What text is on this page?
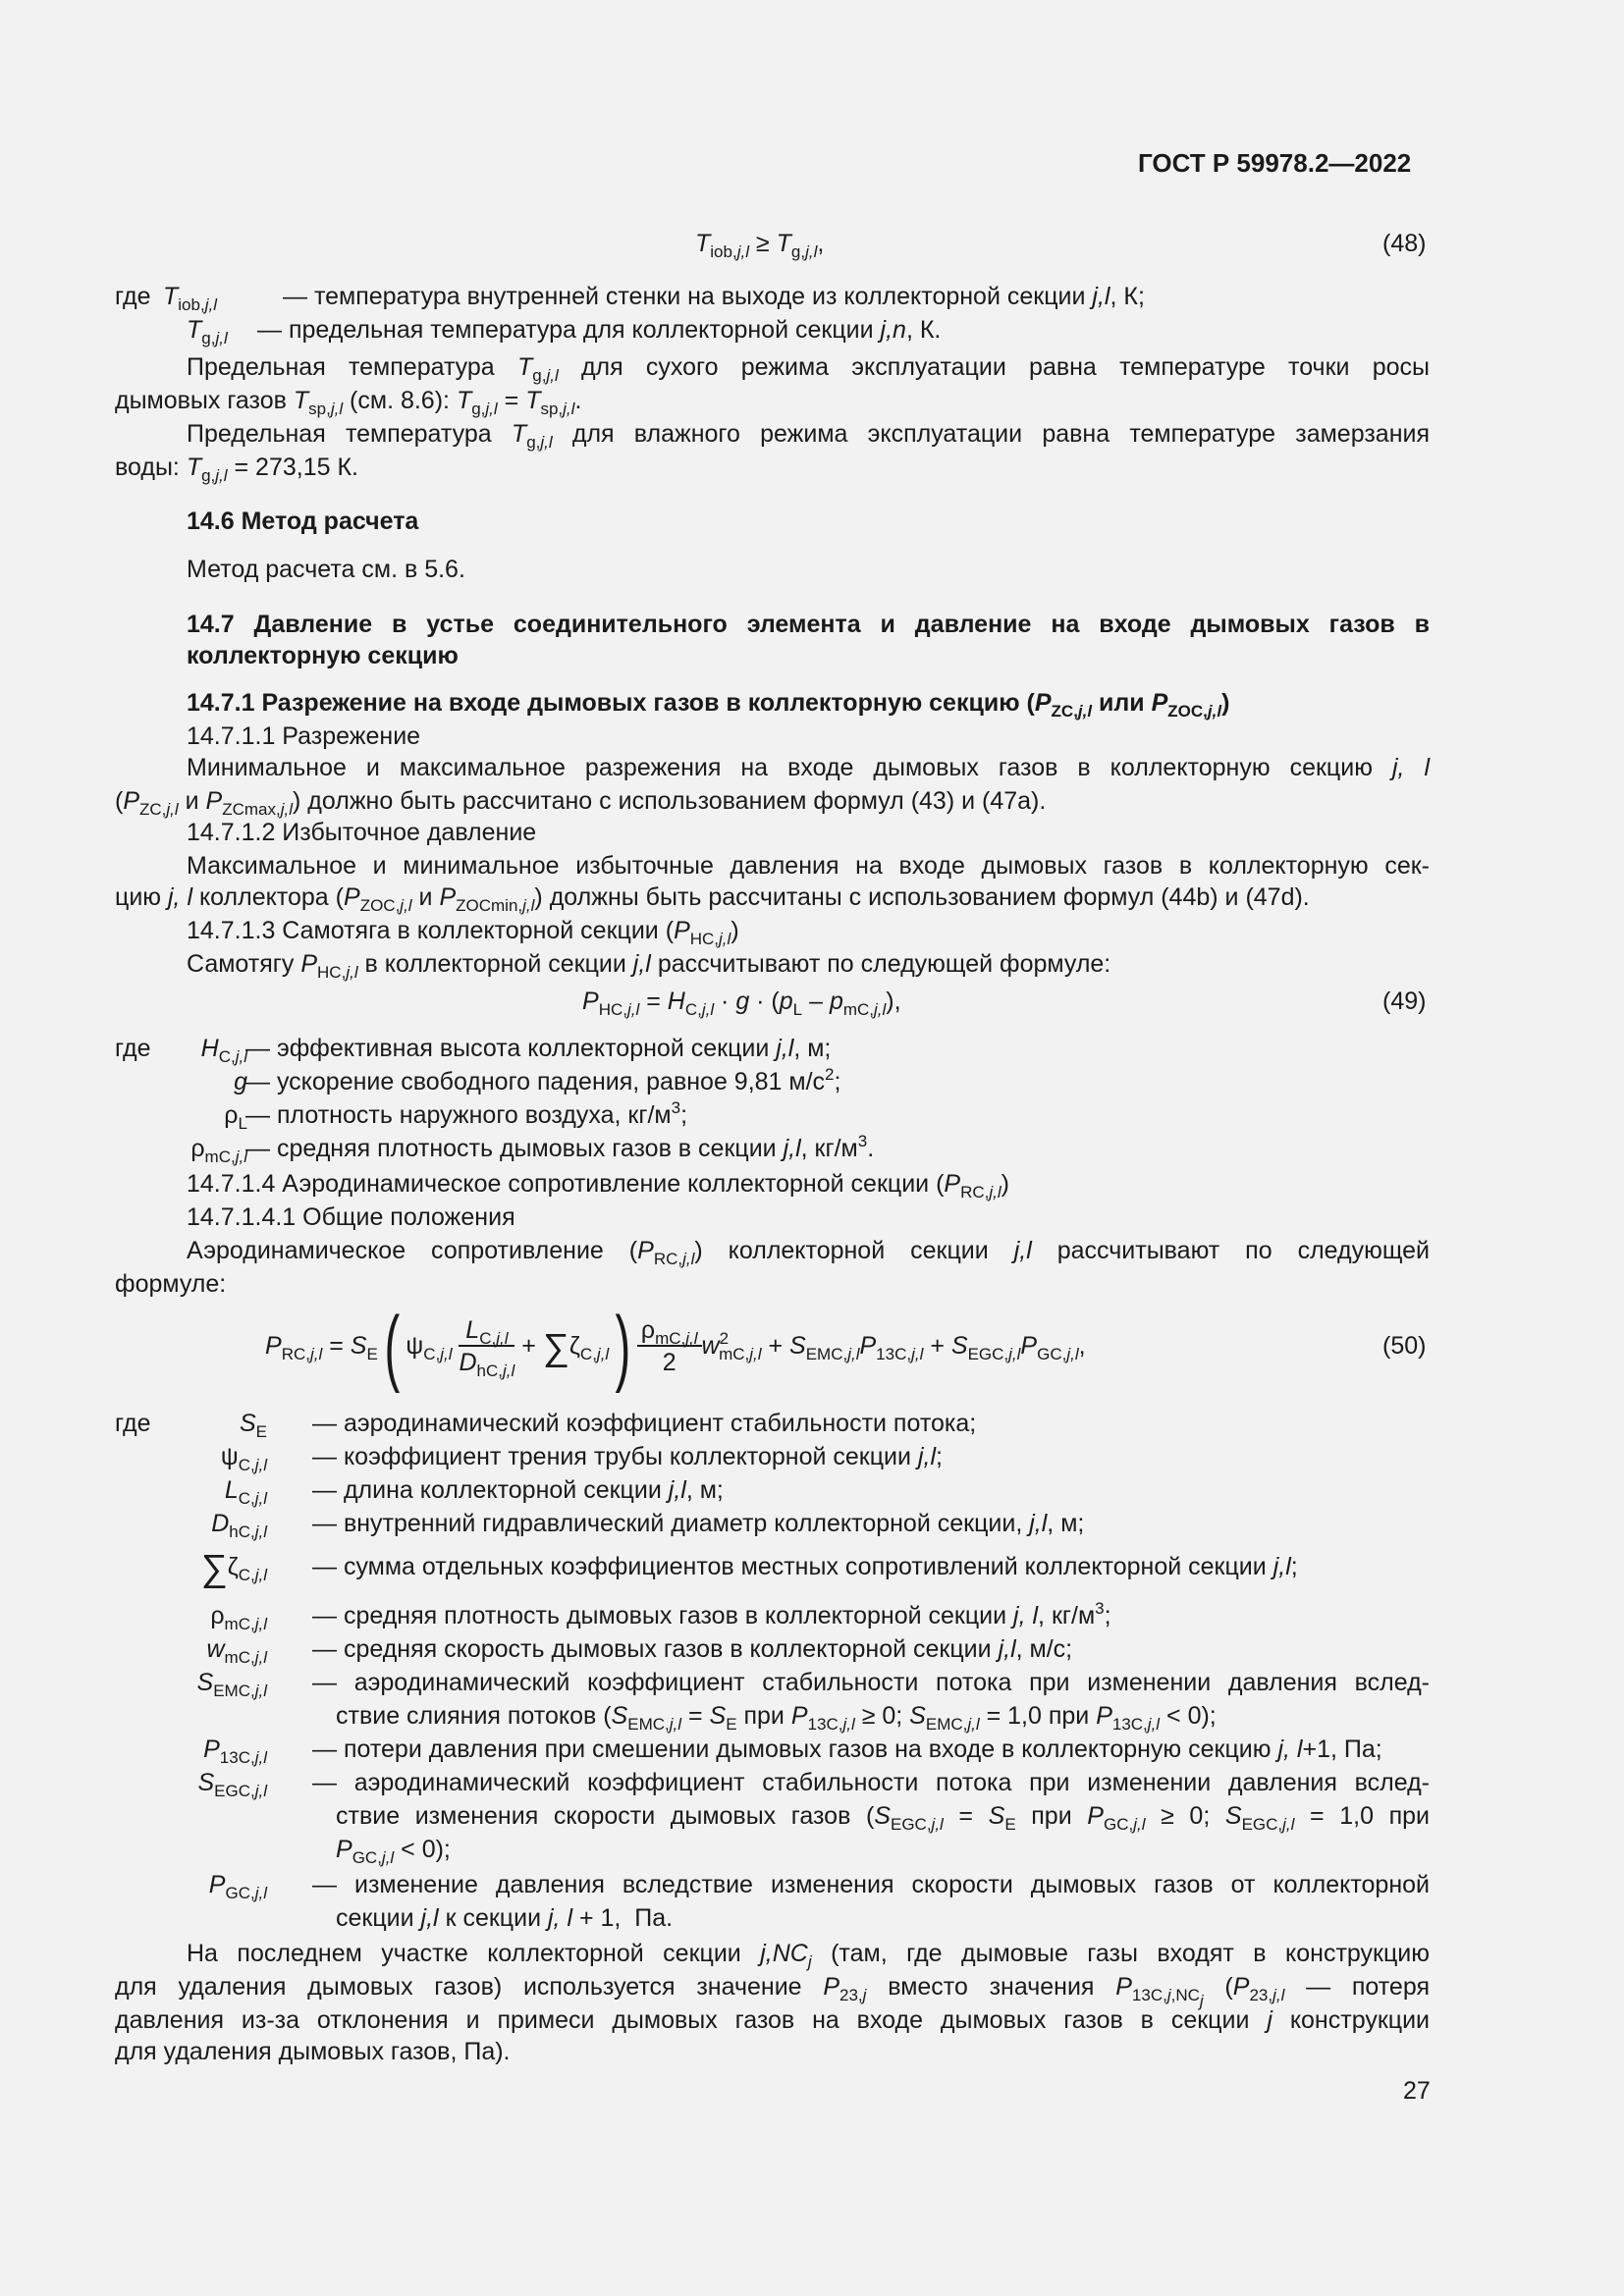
ГОСТ Р 59978.2—2022
$T_{iob,j,l} \ge T_{g,j,l}$,	(48)
где $T_{iob,j,l}$	— температура внутренней стенки на выходе из коллекторной секции j,l, К;
$T_{g,j,l}$ — предельная температура для коллекторной секции j,n, К.
Предельная температура $T_{g,j,l}$ для сухого режима эксплуатации равна температуре точки росы
дымовых газов $T_{sp,j,l}$ (см. 8.6): $T_{g,j,l} = T_{sp,j,l}$.
Предельная температура $T_{g,j,l}$ для влажного режима эксплуатации равна температуре замерзания
воды: $T_{g,j,l} = 273,15$ К.
14.6 Метод расчета
Метод расчета см. в 5.6.
14.7 Давление в устье соединительного элемента и давление на входе дымовых газов в
коллекторную секцию
14.7.1 Разрежение на входе дымовых газов в коллекторную секцию ($P_{ZC,j,l}$ или $P_{ZOC,j,l}$)
14.7.1.1 Разрежение
Минимальное и максимальное разрежения на входе дымовых газов в коллекторную секцию j, l
($P_{ZC,j,l}$ и $P_{ZCmax,j,l}$) должно быть рассчитано с использованием формул (43) и (47а).
14.7.1.2 Избыточное давление
Максимальное и минимальное избыточные давления на входе дымовых газов в коллекторную сек-
цию j, l коллектора ($P_{ZOC,j,l}$ и $P_{ZOCmin,j,l}$) должны быть рассчитаны с использованием формул (44b) и (47d).
14.7.1.3 Самотяга в коллекторной секции $(P_{HC,j,l})$
Самотягу $P_{HC,j,l}$ в коллекторной секции j,l рассчитывают по следующей формуле:
$P_{HC,j,l} = H_{C,j,l} \cdot g \cdot (p_L - p_{mC,j,l})$,	(49)
где	$H_{C,j,l}$
— эффективная высота коллекторной секции j,l, м;
g
— ускорение свободного падения, равное 9,81 $м/с^2$;
$\rho_L$
— плотность наружного воздуха, $кг/м^3$;
$\rho_{mC,j,l}$
— средняя плотность дымовых газов в секции j,l, $кг/м^3$.
14.7.1.4 Аэродинамическое сопротивление коллекторной секции $(P_{RC,j,l})$
14.7.1.4.1 Общие положения
Аэродинамическое сопротивление $(P_{RC,j,l})$ коллекторной секции j,l рассчитывают по следующей
формуле:
$P_{RC,j,l} = S_E$( $\psi_{C,j,l} \frac{L_{C,j,l}}{D_{hC,j,l}} + \sum\zeta_{C,j,l}) \frac{\rho_{mC,j,l}}{2} w^2_{mC,j,l} + S_{EMC,j,l}P_{13C,j,l} + S_{EGC,j,l}P_{GC,j,l}$,	(50)
где	$S_E$ — аэродинамический коэффициент стабильности потока;
$\psi_{C,j,l}$ — коэффициент трения трубы коллекторной секции j,l;
$L_{C,j,l}$ — длина коллекторной секции j,l, м;
$D_{hC,j,l}$ — внутренний гидравлический диаметр коллекторной секции, j,l, м;
$\sum\zeta_{C,j,l}$ — сумма отдельных коэффициентов местных сопротивлений коллекторной секции j,l;
$\rho_{mC,j,l}$ — средняя плотность дымовых газов в коллекторной секции j, l, $кг/м^3$;
$w_{mC,j,l}$ — средняя скорость дымовых газов в коллекторной секции j,l, м/с;
$S_{EMC,j,l}$ — аэродинамический коэффициент стабильности потока при изменении давления вслед-
ствие слияния потоков ($S_{EMC,j,l} = S_E$ при $P_{13C,j,l} \ge 0$; $S_{EMC,j,l} = 1,0$ при $P_{13C,j,l} < 0$);
$P_{13C,j,l}$ — потери давления при смешении дымовых газов на входе в коллекторную секцию j, l+1, Па;
$S_{EGC,j,l}$ — аэродинамический коэффициент стабильности потока при изменении давления вслед-
ствие изменения скорости дымовых газов ($S_{EGC,j,l} = S_E$ при $P_{GC,j,l} \ge 0$; $S_{EGC,j,l} = 1,0$ при
$P_{GC,j,l} < 0$);
$P_{GC,j,l}$ — изменение давления вследствие изменения скорости дымовых газов от коллекторной
секции j,l к секции j, l + 1,  Па.
На последнем участке коллекторной секции $j,NC_j$ (там, где дымовые газы входят в конструкцию
для удаления дымовых газов) используется значение $P_{23,j}$ вместо значения $P_{13C,j,NC_j}$ ($P_{23,j,l}$ — потеря
давления из-за отклонения и примеси дымовых газов на входе дымовых газов в секции j конструкции
для удаления дымовых газов, Па).
27
